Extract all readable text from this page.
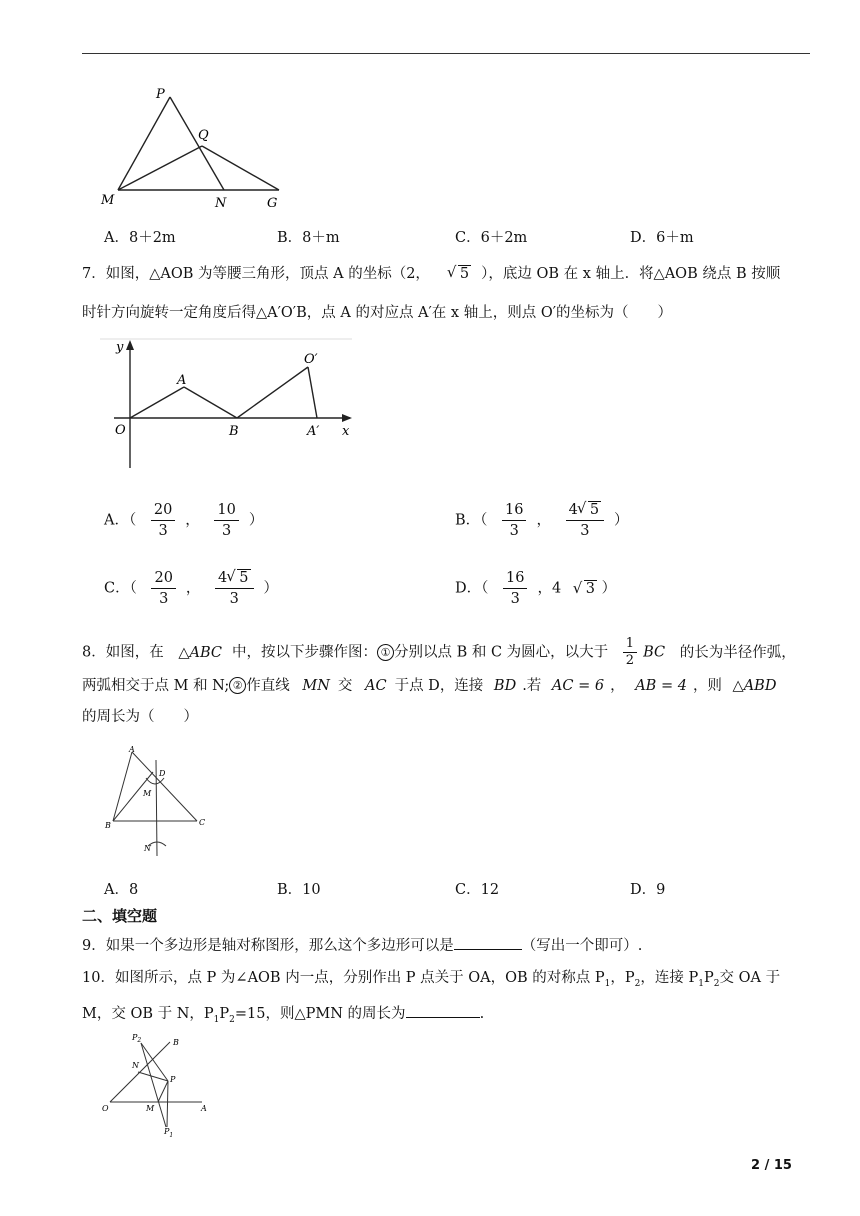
P
Q
M	N	G
A．8＋2m	B．8＋m	C．6＋2m	D．6＋m
7．如图，△AOB 为等腰三角形，顶点 A 的坐标（2， √ 5 ），底边 OB 在 x 轴上．将△AOB 绕点 B 按顺
时针方向旋转一定角度后得△A′O′B，点 A 的对应点 A′在 x 轴上，则点 O′的坐标为（　　）
y
x
O
A
B
O′
A′
A．（ $\frac{20}{3}$ ， $\frac{10}{3}$ ）	B．（ $\frac{16}{3}$ ， $\frac{4 √ 5}{3}$ ）
C．（ $\frac{20}{3}$ ， $\frac{4 √ 5}{3}$ ）	D．（ $\frac{16}{3}$ ，4 √ 3 ）
8．如图，在 △ABC 中，按以下步骤作图： ① 分别以点 B 和 C 为圆心，以大于 $\frac{1}{2}$ BC 的长为半径作弧，
两弧相交于点 M 和 N; ② 作直线 MN 交 AC 于点 D，连接 BD .若 AC = 6 ， AB = 4 ，则 △ABD
的周长为（　　）
A
B	C
D
M
N
A．8	B．10	C．12	D．9
二、填空题
9．如果一个多边形是轴对称图形，那么这个多边形可以是	（写出一个即可）.
10．如图所示，点 P 为∠AOB 内一点，分别作出 P 点关于 OA，OB 的对称点 $P_1$，$P_2$，连接 $P_1P_2$交 OA 于
M，交 OB 于 N，$P_1P_2=15$，则△PMN 的周长为	.
$P_2$	B
N
P
O	M	A
$P_1$
2 / 15
